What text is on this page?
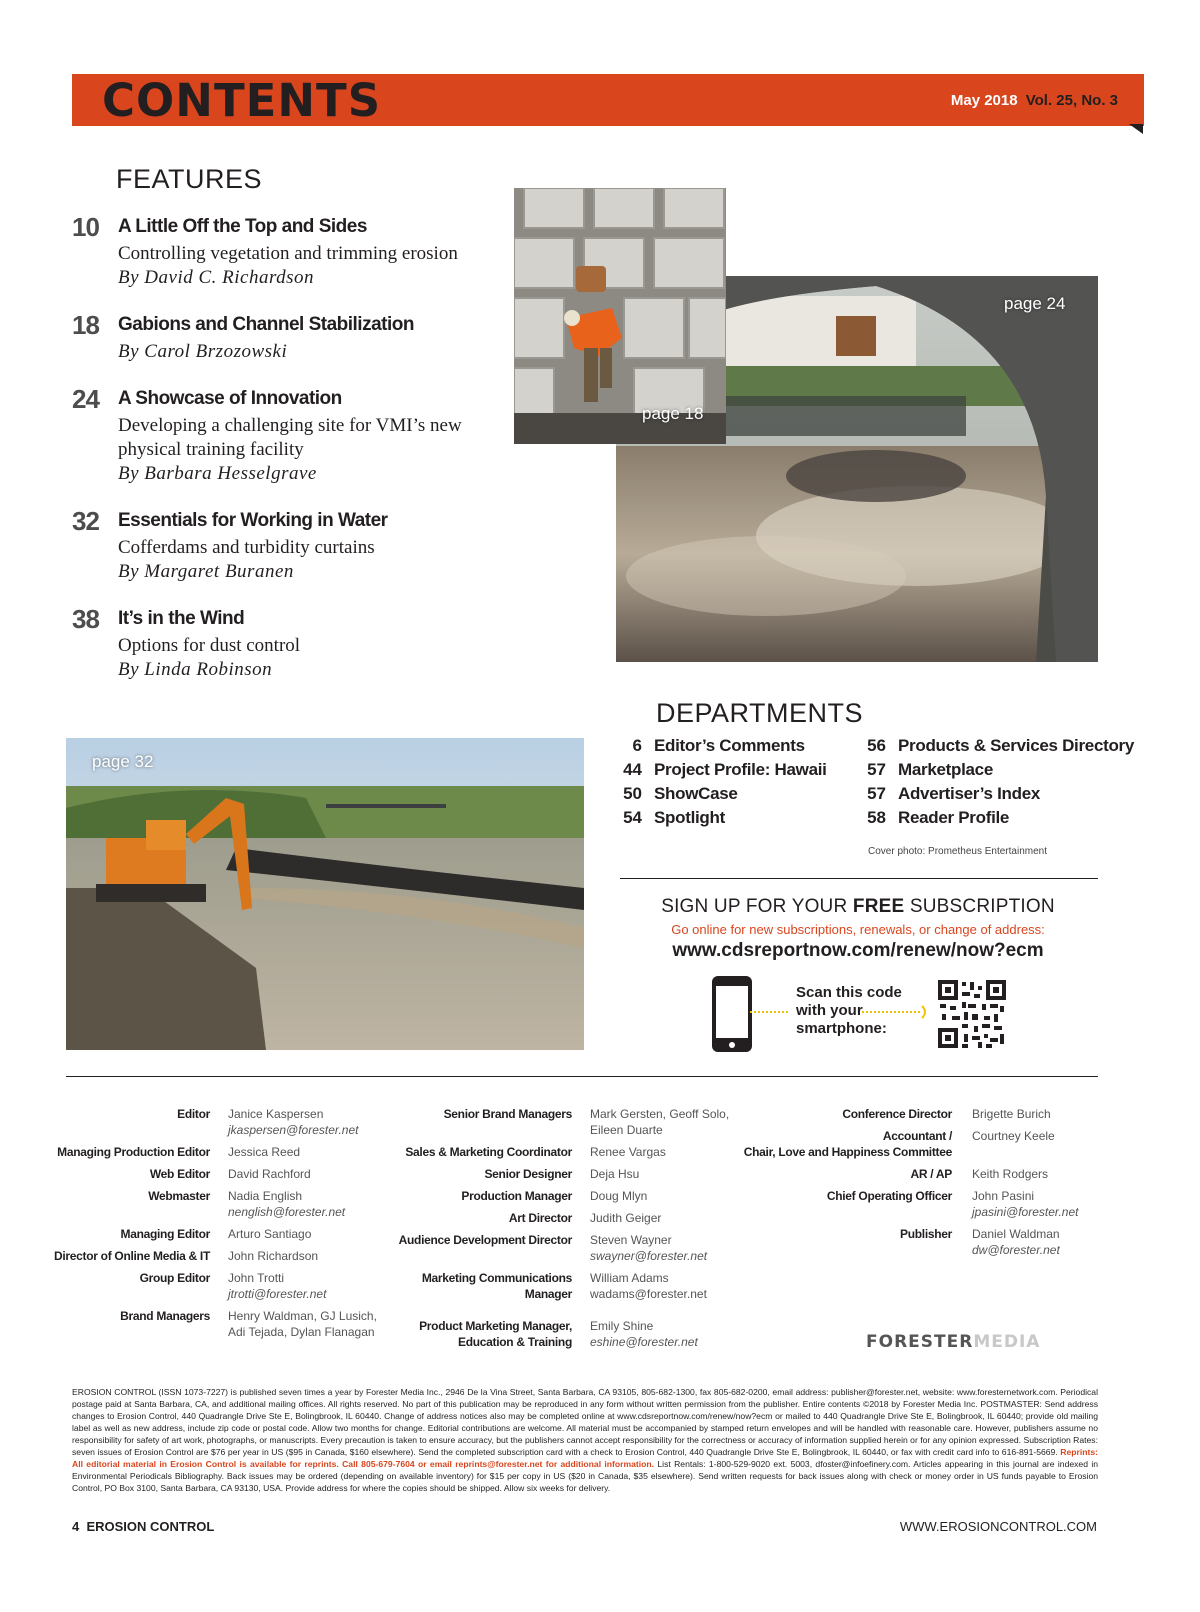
CONTENTS	May 2018 Vol. 25, No. 3
FEATURES
10 A Little Off the Top and Sides
Controlling vegetation and trimming erosion
By David C. Richardson
18 Gabions and Channel Stabilization
By Carol Brzozowski
24 A Showcase of Innovation
Developing a challenging site for VMI’s new
physical training facility
By Barbara Hesselgrave
32 Essentials for Working in Water
Cofferdams and turbidity curtains
By Margaret Buranen
38 It’s in the Wind
Options for dust control
By Linda Robinson
page 24
page 18
page 32
DEPARTMENTS
6 Editor’s Comments
44 Project Profile: Hawaii
50 ShowCase
54 Spotlight
56 Products & Services Directory
57 Marketplace
57 Advertiser’s Index
58 Reader Profile
Cover photo: Prometheus Entertainment
SIGN UP FOR YOUR FREE SUBSCRIPTION
Go online for new subscriptions, renewals, or change of address:
www.cdsreportnow.com/renew/now?ecm
Scan this code
with your
smartphone:
Editor Janice Kaspersen
jkaspersen@forester.net
Managing Production Editor Jessica Reed
Web Editor David Rachford
Webmaster Nadia English
nenglish@forester.net
Managing Editor Arturo Santiago
Director of Online Media & IT John Richardson
Group Editor John Trotti
jtrotti@forester.net
Brand Managers Henry Waldman, GJ Lusich,
Adi Tejada, Dylan Flanagan
Senior Brand Managers Mark Gersten, Geoff Solo,
Eileen Duarte
Sales & Marketing Coordinator Renee Vargas
Senior Designer Deja Hsu
Production Manager Doug Mlyn
Art Director Judith Geiger
Audience Development Director Steven Wayner
swayner@forester.net
Marketing Communications
Manager
William Adams
wadams@forester.net
Product Marketing Manager,
Education & Training
Emily Shine
eshine@forester.net
Conference Director Brigette Burich
Accountant /
Chair, Love and Happiness Committee
Courtney Keele
AR / AP Keith Rodgers
Chief Operating Officer John Pasini
jpasini@forester.net
Publisher Daniel Waldman
dw@forester.net
FORESTERMEDIA
EROSION CONTROL (ISSN 1073-7227) is published seven times a year by Forester Media Inc., 2946 De la Vina Street, Santa Barbara, CA 93105, 805-682-1300, fax 805-682-0200, email address: publisher@forester.net, website: www.foresternetwork.com. Periodical postage paid at Santa Barbara, CA, and additional mailing offices. All rights reserved. No part of this publication may be reproduced in any form without written permission from the publisher. Entire contents ©2018 by Forester Media Inc. POSTMASTER: Send address changes to Erosion Control, 440 Quadrangle Drive Ste E, Bolingbrook, IL 60440. Change of address notices also may be completed online at www.cdsreportnow.com/renew/now?ecm or mailed to 440 Quadrangle Drive Ste E, Bolingbrook, IL 60440; provide old mailing label as well as new address, include zip code or postal code. Allow two months for change. Editorial contributions are welcome. All material must be accompanied by stamped return envelopes and will be handled with reasonable care. However, publishers assume no responsibility for safety of art work, photographs, or manuscripts. Every precaution is taken to ensure accuracy, but the publishers cannot accept responsibility for the correctness or accuracy of information supplied herein or for any opinion expressed. Subscription Rates: seven issues of Erosion Control are $76 per year in US ($95 in Canada, $160 elsewhere). Send the completed subscription card with a check to Erosion Control, 440 Quadrangle Drive Ste E, Bolingbrook, IL 60440, or fax with credit card info to 616-891-5669. Reprints: All editorial material in Erosion Control is available for reprints. Call 805-679-7604 or email reprints@forester.net for additional information. List Rentals: 1-800-529-9020 ext. 5003, dfoster@infoefinery.com. Articles appearing in this journal are indexed in Environmental Periodicals Bibliography. Back issues may be ordered (depending on available inventory) for $15 per copy in US ($20 in Canada, $35 elsewhere). Send written requests for back issues along with check or money order in US funds payable to Erosion Control, PO Box 3100, Santa Barbara, CA 93130, USA. Provide address for where the copies should be shipped. Allow six weeks for delivery.
4 EROSION CONTROL	WWW.EROSIONCONTROL.COM
